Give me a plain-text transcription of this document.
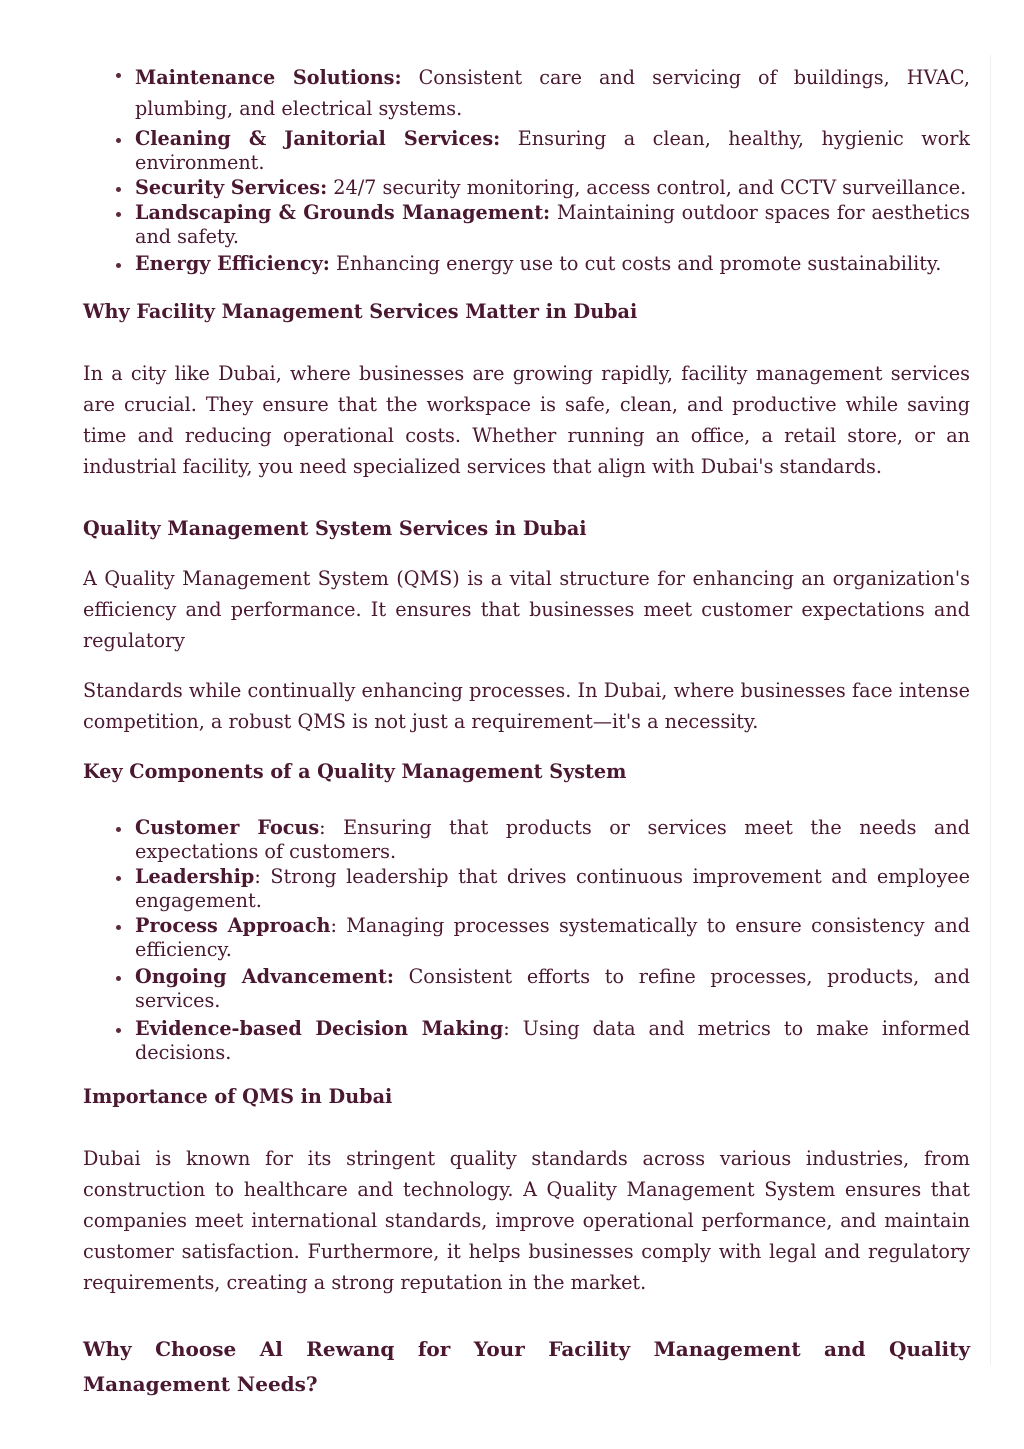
Maintenance Solutions: Consistent care and servicing of buildings, HVAC, plumbing, and electrical systems.
Cleaning & Janitorial Services: Ensuring a clean, healthy, hygienic work environment.
Security Services: 24/7 security monitoring, access control, and CCTV surveillance.
Landscaping & Grounds Management: Maintaining outdoor spaces for aesthetics and safety.
Energy Efficiency: Enhancing energy use to cut costs and promote sustainability.
Why Facility Management Services Matter in Dubai

In a city like Dubai, where businesses are growing rapidly, facility management services are crucial. They ensure that the workspace is safe, clean, and productive while saving time and reducing operational costs. Whether running an office, a retail store, or an industrial facility, you need specialized services that align with Dubai's standards.

Quality Management System Services in Dubai

A Quality Management System (QMS) is a vital structure for enhancing an organization's efficiency and performance. It ensures that businesses meet customer expectations and regulatory

Standards while continually enhancing processes. In Dubai, where businesses face intense competition, a robust QMS is not just a requirement—it's a necessity.

Key Components of a Quality Management System
Customer Focus: Ensuring that products or services meet the needs and expectations of customers.
Leadership: Strong leadership that drives continuous improvement and employee engagement.
Process Approach: Managing processes systematically to ensure consistency and efficiency.
Ongoing Advancement: Consistent efforts to refine processes, products, and services.
Evidence-based Decision Making: Using data and metrics to make informed decisions.
Importance of QMS in Dubai

Dubai is known for its stringent quality standards across various industries, from construction to healthcare and technology. A Quality Management System ensures that companies meet international standards, improve operational performance, and maintain customer satisfaction. Furthermore, it helps businesses comply with legal and regulatory requirements, creating a strong reputation in the market.

Why Choose Al Rewanq for Your Facility Management and Quality Management Needs?
